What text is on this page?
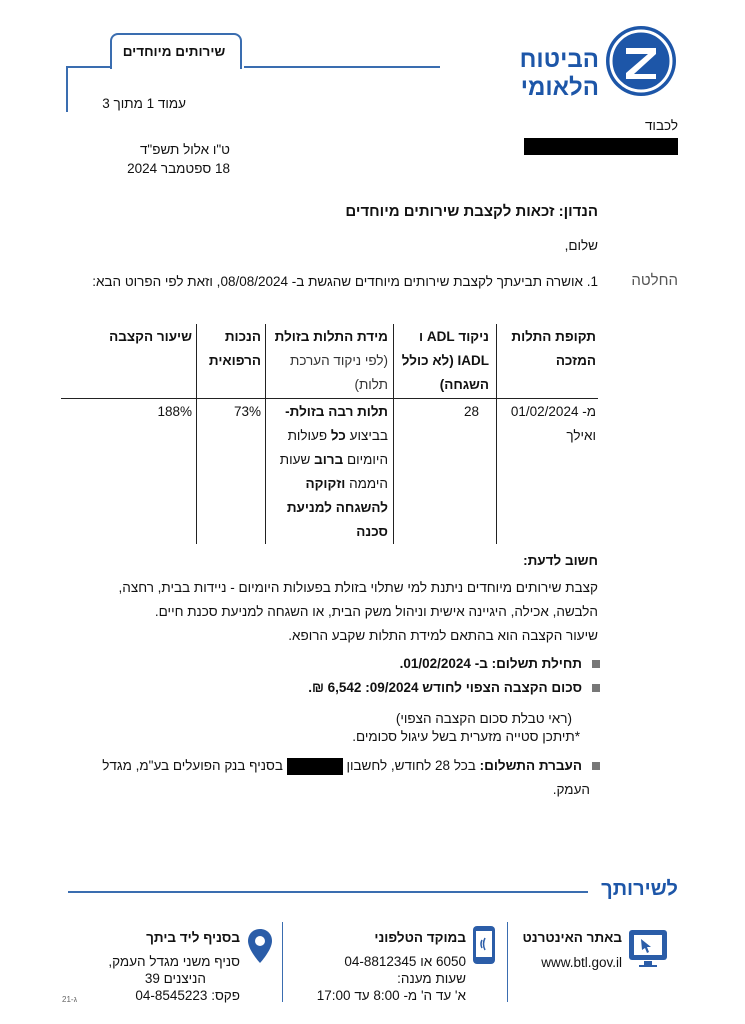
הביטוח הלאומי
שירותים מיוחדים
עמוד 1 מתוך 3
לכבוד
ט"ו אלול תשפ"ד
18 ספטמבר 2024
הנדון: זכאות לקצבת שירותים מיוחדים
שלום,
החלטה
1. אושרה תביעתך לקצבת שירותים מיוחדים שהגשת ב- 08/08/2024, וזאת לפי הפרוט הבא:
תקופת התלות המזכה
ניקוד ADL ו IADL (לא כולל השגחה)
מידת התלות בזולת (לפי ניקוד הערכת תלות)
הנכות הרפואית
שיעור הקצבה
מ- 01/02/2024 ואילך
28
תלות רבה בזולת- בביצוע כל פעולות היומיום ברוב שעות היממה וזקוקה להשגחה למניעת סכנה
73%
188%
חשוב לדעת:
קצבת שירותים מיוחדים ניתנת למי שתלוי בזולת בפעולות היומיום - ניידות בבית, רחצה,
הלבשה, אכילה, היגיינה אישית וניהול משק הבית, או השגחה למניעת סכנת חיים.
שיעור הקצבה הוא בהתאם למידת התלות שקבע הרופא.
תחילת תשלום: ב- 01/02/2024.
סכום הקצבה הצפוי לחודש 09/2024: 6,542 ₪.
(ראי טבלת סכום הקצבה הצפוי)
*תיתכן סטייה מזערית בשל עיגול סכומים.
העברת התשלום: בכל 28 לחודש, לחשבון  בסניף בנק הפועלים בע"מ, מגדל
העמק.
לשירותך
באתר האינטרנט
www.btl.gov.il
במוקד הטלפוני
6050 או 04-8812345
שעות מענה:
א' עד ה' מ- 8:00 עד 17:00
בסניף ליד ביתך
סניף משני מגדל העמק,
הניצנים 39
פקס: 04-8545223
21-ג
